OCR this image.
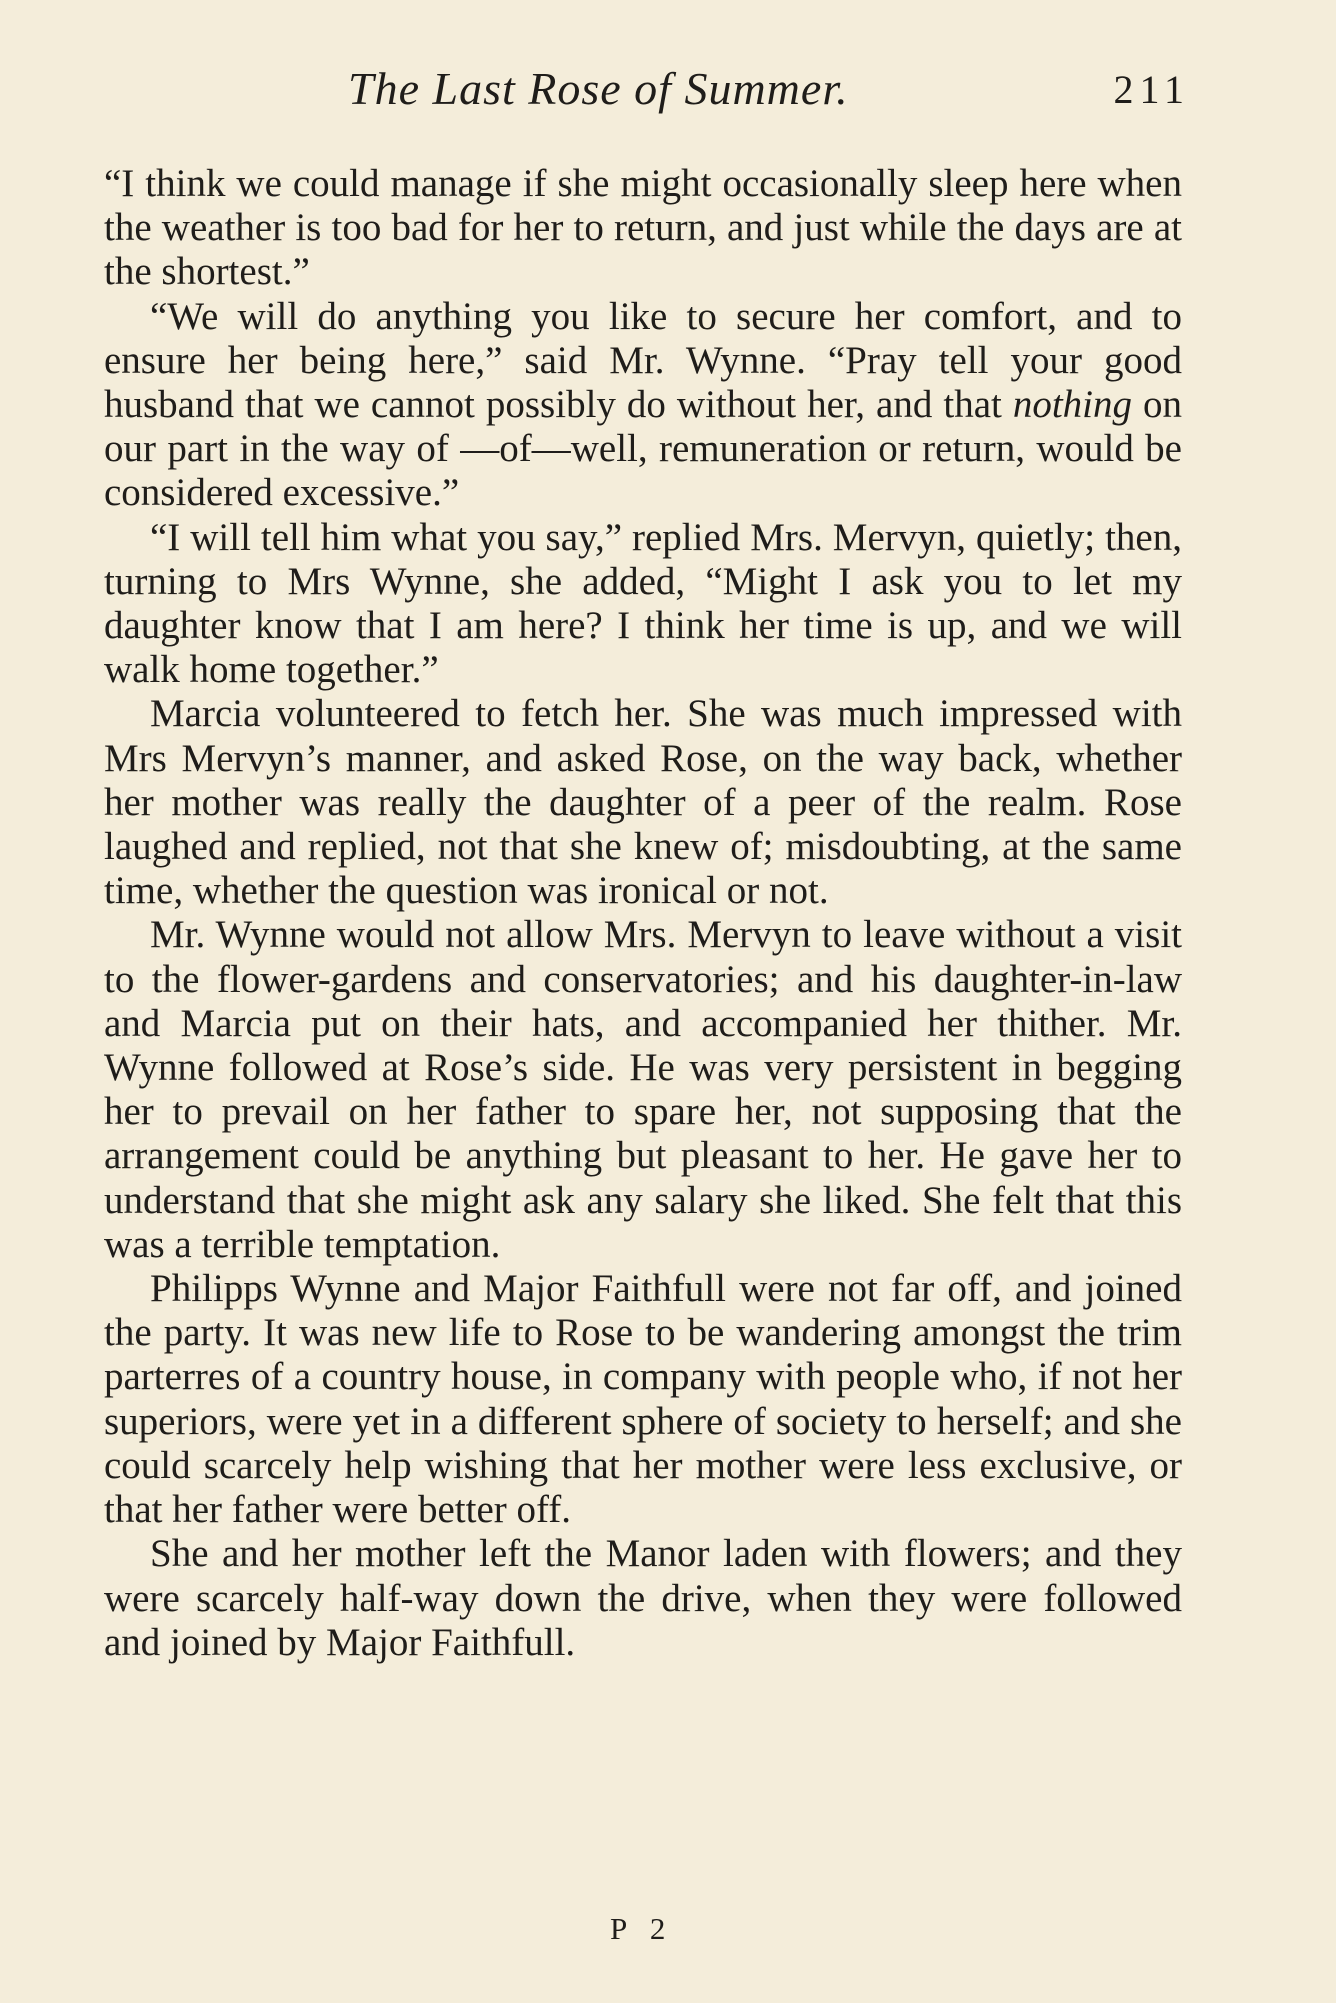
The Last Rose of Summer.	211

“I think we could manage if she might occasionally sleep here when the weather is too bad for her to return, and just while the days are at the shortest.”

“We will do anything you like to secure her comfort, and to ensure her being here,” said Mr. Wynne. “Pray tell your good husband that we cannot possibly do without her, and that nothing on our part in the way of —of—well, remuneration or return, would be considered excessive.”

“I will tell him what you say,” replied Mrs. Mervyn, quietly; then, turning to Mrs Wynne, she added, “Might I ask you to let my daughter know that I am here? I think her time is up, and we will walk home together.”

Marcia volunteered to fetch her. She was much impressed with Mrs Mervyn’s manner, and asked Rose, on the way back, whether her mother was really the daughter of a peer of the realm. Rose laughed and replied, not that she knew of; misdoubting, at the same time, whether the question was ironical or not.

Mr. Wynne would not allow Mrs. Mervyn to leave without a visit to the flower-gardens and conservatories; and his daughter-in-law and Marcia put on their hats, and accompanied her thither. Mr. Wynne followed at Rose’s side. He was very persistent in begging her to prevail on her father to spare her, not supposing that the arrangement could be anything but pleasant to her. He gave her to understand that she might ask any salary she liked. She felt that this was a terrible temptation.

Philipps Wynne and Major Faithfull were not far off, and joined the party. It was new life to Rose to be wandering amongst the trim parterres of a country house, in company with people who, if not her superiors, were yet in a different sphere of society to herself; and she could scarcely help wishing that her mother were less exclusive, or that her father were better off.

She and her mother left the Manor laden with flowers; and they were scarcely half-way down the drive, when they were followed and joined by Major Faithfull.

P 2
